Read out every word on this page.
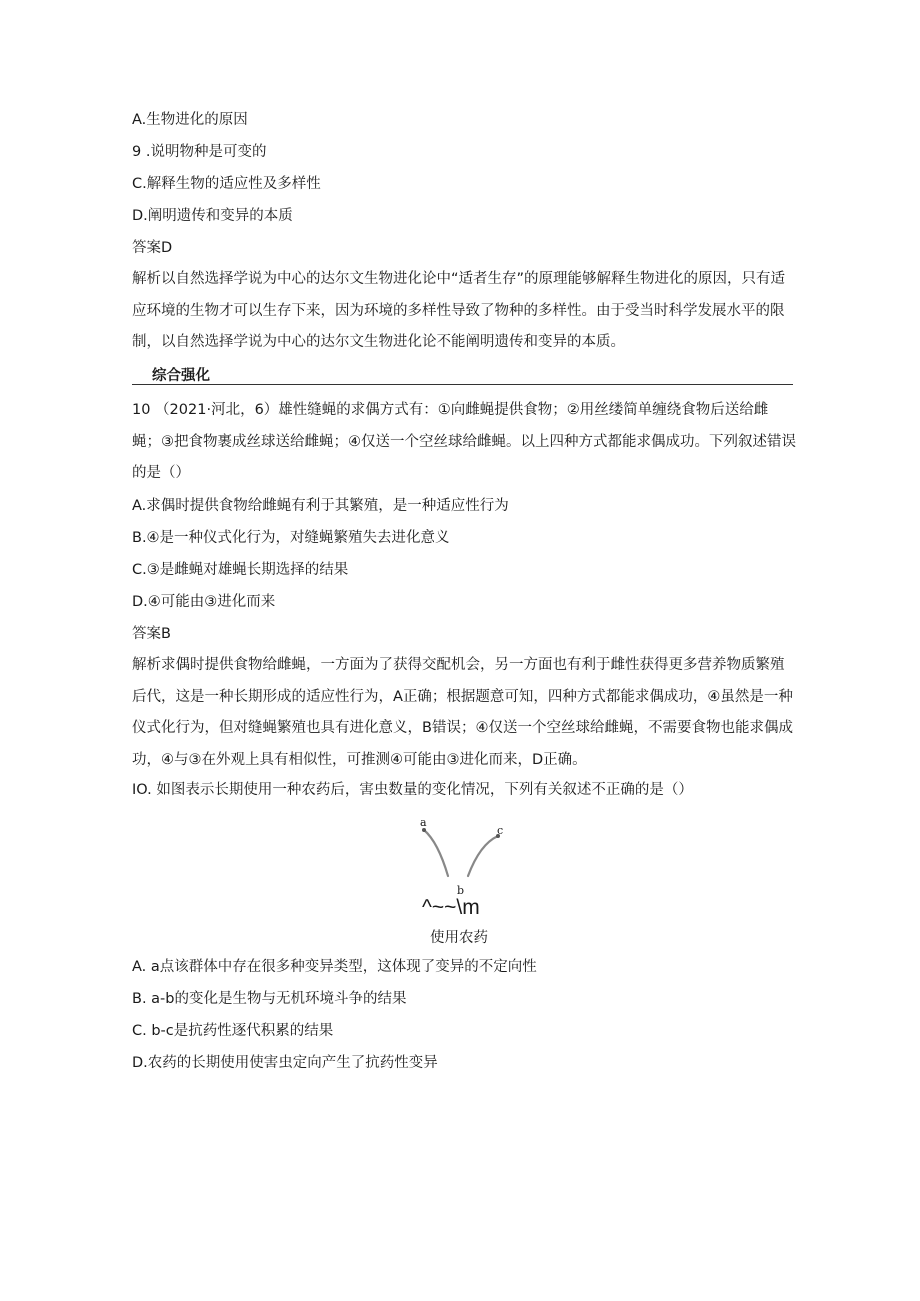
A.生物进化的原因
9 .说明物种是可变的
C.解释生物的适应性及多样性
D.阐明遗传和变异的本质
答案D
解析以自然选择学说为中心的达尔文生物进化论中“适者生存”的原理能够解释生物进化的原因，只有适应环境的生物才可以生存下来，因为环境的多样性导致了物种的多样性。由于受当时科学发展水平的限制，以自然选择学说为中心的达尔文生物进化论不能阐明遗传和变异的本质。
综合强化
10 （2021·河北，6）雄性缝蝇的求偶方式有：①向雌蝇提供食物；②用丝缕简单缠绕食物后送给雌蝇；③把食物裹成丝球送给雌蝇；④仅送一个空丝球给雌蝇。以上四种方式都能求偶成功。下列叙述错误的是（）
A.求偶时提供食物给雌蝇有利于其繁殖，是一种适应性行为
B.④是一种仪式化行为，对缝蝇繁殖失去进化意义
C.③是雌蝇对雄蝇长期选择的结果
D.④可能由③进化而来
答案B
解析求偶时提供食物给雌蝇，一方面为了获得交配机会，另一方面也有利于雌性获得更多营养物质繁殖后代，这是一种长期形成的适应性行为，A正确；根据题意可知，四种方式都能求偶成功，④虽然是一种仪式化行为，但对缝蝇繁殖也具有进化意义，B错误；④仅送一个空丝球给雌蝇，不需要食物也能求偶成功，④与③在外观上具有相似性，可推测④可能由③进化而来，D正确。
IO. 如图表示长期使用一种农药后，害虫数量的变化情况，下列有关叙述不正确的是（）
a
c
b
^~~\m
使用农药
A. a点该群体中存在很多种变异类型，这体现了变异的不定向性
B. a-b的变化是生物与无机环境斗争的结果
C. b-c是抗药性逐代积累的结果
D.农药的长期使用使害虫定向产生了抗药性变异
